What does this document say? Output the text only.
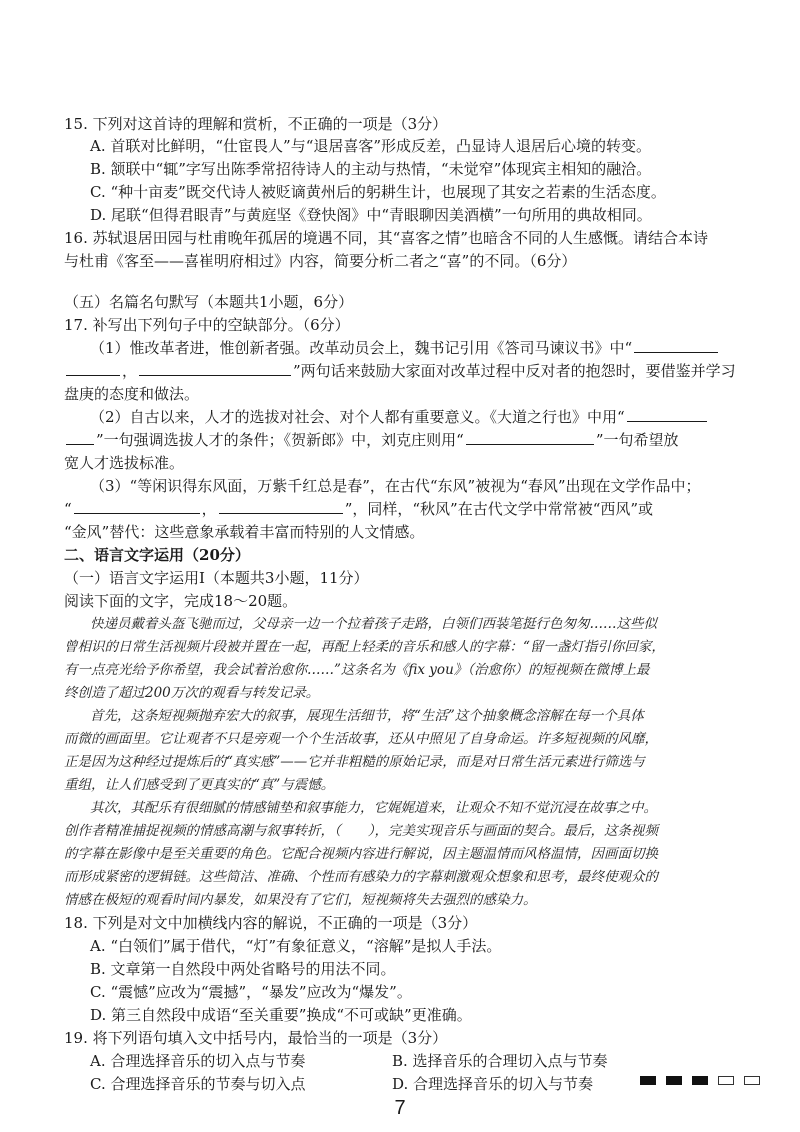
15. 下列对这首诗的理解和赏析，不正确的一项是（3分）

A. 首联对比鲜明，“仕宦畏人”与“退居喜客”形成反差，凸显诗人退居后心境的转变。

B. 颔联中“辄”字写出陈季常招待诗人的主动与热情，“未觉窄”体现宾主相知的融洽。

C. “种十亩麦”既交代诗人被贬谪黄州后的躬耕生计，也展现了其安之若素的生活态度。

D. 尾联“但得君眼青”与黄庭坚《登快阁》中“青眼聊因美酒横”一句所用的典故相同。

16. 苏轼退居田园与杜甫晚年孤居的境遇不同，其“喜客之情”也暗含不同的人生感慨。请结合本诗

与杜甫《客至——喜崔明府相过》内容，简要分析二者之“喜”的不同。（6分）

（五）名篇名句默写（本题共1小题，6分）

17. 补写出下列句子中的空缺部分。（6分）

（1）惟改革者进，惟创新者强。改革动员会上，魏书记引用《答司马谏议书》中“

，	”两句话来鼓励大家面对改革过程中反对者的抱怨时，要借鉴并学习

盘庚的态度和做法。

（2）自古以来，人才的选拔对社会、对个人都有重要意义。《大道之行也》中用“

”一句强调选拔人才的条件；《贺新郎》中，刘克庄则用“	”一句希望放

宽人才选拔标准。

（3）“等闲识得东风面，万紫千红总是春”，在古代“东风”被视为“春风”出现在文学作品中；

“	，	”，同样，“秋风”在古代文学中常常被“西风”或

“金风”替代：这些意象承载着丰富而特别的人文情感。

二、语言文字运用（20分）

（一）语言文字运用Ⅰ（本题共3小题，11分）

阅读下面的文字，完成18～20题。

快递员戴着头盔飞驰而过，父母亲一边一个拉着孩子走路，白领们西装笔挺行色匆匆……这些似

曾相识的日常生活视频片段被并置在一起，再配上轻柔的音乐和感人的字幕：“留一盏灯指引你回家，

有一点亮光给予你希望，我会试着治愈你……”这条名为《fix you》（治愈你）的短视频在微博上最

终创造了超过200万次的观看与转发记录。

首先，这条短视频抛弃宏大的叙事，展现生活细节，将“生活”这个抽象概念溶解在每一个具体

而微的画面里。它让观者不只是旁观一个个生活故事，还从中照见了自身命运。许多短视频的风靡，

正是因为这种经过提炼后的“真实感”——它并非粗糙的原始记录，而是对日常生活元素进行筛选与

重组，让人们感受到了更真实的“真”与震憾。

其次，其配乐有很细腻的情感铺垫和叙事能力，它娓娓道来，让观众不知不觉沉浸在故事之中。

创作者精准捕捉视频的情感高潮与叙事转折，（　　），完美实现音乐与画面的契合。最后，这条视频

的字幕在影像中是至关重要的角色。它配合视频内容进行解说，因主题温情而风格温情，因画面切换

而形成紧密的逻辑链。这些简洁、准确、个性而有感染力的字幕刺激观众想象和思考，最终使观众的

情感在极短的观看时间内暴发，如果没有了它们，短视频将失去强烈的感染力。

18. 下列是对文中加横线内容的解说，不正确的一项是（3分）

A. “白领们”属于借代，“灯”有象征意义，“溶解”是拟人手法。

B. 文章第一自然段中两处省略号的用法不同。

C. “震憾”应改为“震撼”，“暴发”应改为“爆发”。

D. 第三自然段中成语“至关重要”换成“不可或缺”更准确。

19. 将下列语句填入文中括号内，最恰当的一项是（3分）

A. 合理选择音乐的切入点与节奏	B. 选择音乐的合理切入点与节奏

C. 合理选择音乐的节奏与切入点	D. 合理选择音乐的切入与节奏

7
